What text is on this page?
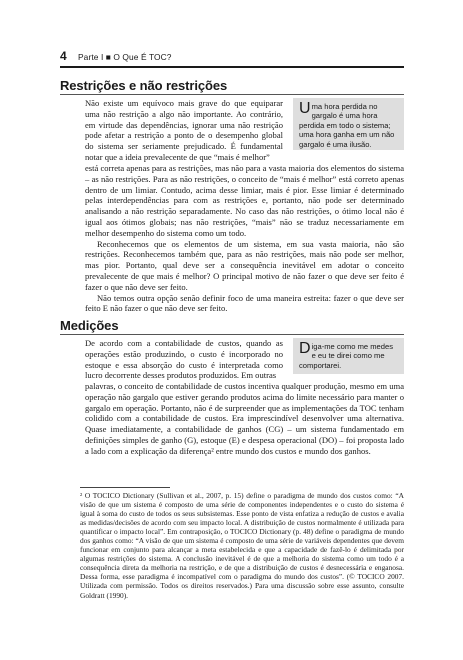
4 Parte I ■ O Que É TOC?
Restrições e não restrições
Uma hora perdida no gargalo é uma hora perdida em todo o sistema; uma hora ganha em um não gargalo é uma ilusão.

Não existe um equívoco mais grave do que equiparar uma não restrição a algo não importante. Ao contrário, em virtude das dependências, ignorar uma não restrição pode afetar a restrição a ponto de o desempenho global do sistema ser seriamente prejudicado. É fundamental notar que a ideia prevalecente de que “mais é melhor”

está correta apenas para as restrições, mas não para a vasta maioria dos elementos do sistema – as não restrições. Para as não restrições, o conceito de “mais é melhor” está correto apenas dentro de um limiar. Contudo, acima desse limiar, mais é pior. Esse limiar é determinado pelas interdependências para com as restrições e, portanto, não pode ser determinado analisando a não restrição separadamente. No caso das não restrições, o ótimo local não é igual aos ótimos globais; nas não restrições, “mais” não se traduz necessariamente em melhor desempenho do sistema como um todo.

Reconhecemos que os elementos de um sistema, em sua vasta maioria, não são restrições. Reconhecemos também que, para as não restrições, mais não pode ser melhor, mas pior. Portanto, qual deve ser a consequência inevitável em adotar o conceito prevalecente de que mais é melhor? O principal motivo de não fazer o que deve ser feito é fazer o que não deve ser feito.

Não temos outra opção senão definir foco de uma maneira estreita: fazer o que deve ser feito E não fazer o que não deve ser feito.

Medições
Diga-me como me medes e eu te direi como me comportarei.

De acordo com a contabilidade de custos, quando as operações estão produzindo, o custo é incorporado no estoque e essa absorção do custo é interpretada como lucro decorrente desses produtos produzidos. Em outras

palavras, o conceito de contabilidade de custos incentiva qualquer produção, mesmo em uma operação não gargalo que estiver gerando produtos acima do limite necessário para manter o gargalo em operação. Portanto, não é de surpreender que as implementações da TOC tenham colidido com a contabilidade de custos. Era imprescindível desenvolver uma alternativa. Quase imediatamente, a contabilidade de ganhos (CG) – um sistema fundamentado em definições simples de ganho (G), estoque (E) e despesa operacional (DO) – foi proposta lado a lado com a explicação da diferença² entre mundo dos custos e mundo dos ganhos.

² O TOCICO Dictionary (Sullivan et al., 2007, p. 15) define o paradigma de mundo dos custos como: “A visão de que um sistema é composto de uma série de componentes independentes e o custo do sistema é igual à soma do custo de todos os seus subsistemas. Esse ponto de vista enfatiza a redução de custos e avalia as medidas/decisões de acordo com seu impacto local. A distribuição de custos normalmente é utilizada para quantificar o impacto local”. Em contraposição, o TOCICO Dictionary (p. 48) define o paradigma de mundo dos ganhos como: “A visão de que um sistema é composto de uma série de variáveis dependentes que devem funcionar em conjunto para alcançar a meta estabelecida e que a capacidade de fazê-lo é delimitada por algumas restrições do sistema. A conclusão inevitável é de que a melhoria do sistema como um todo é a consequência direta da melhoria na restrição, e de que a distribuição de custos é desnecessária e enganosa. Dessa forma, esse paradigma é incompatível com o paradigma do mundo dos custos”. (© TOCICO 2007. Utilizada com permissão. Todos os direitos reservados.) Para uma discussão sobre esse assunto, consulte Goldratt (1990).
